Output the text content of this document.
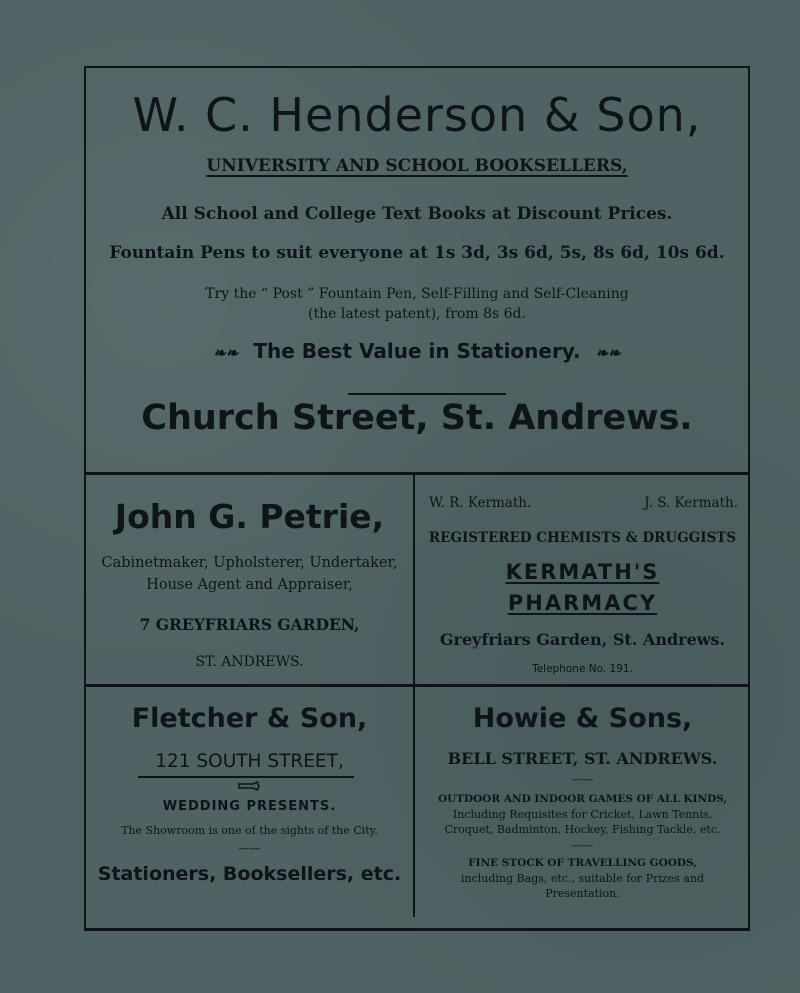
W. C. Henderson & Son,
UNIVERSITY AND SCHOOL BOOKSELLERS,
All School and College Text Books at Discount Prices.
Fountain Pens to suit everyone at 1s 3d, 3s 6d, 5s, 8s 6d, 10s 6d.
Try the “ Post ” Fountain Pen, Self-Filling and Self-Cleaning
(the latest patent), from 8s 6d.
❧❧ The Best Value in Stationery. ❧❧
Church Street, St. Andrews.
John G. Petrie,
Cabinetmaker, Upholsterer, Undertaker,
House Agent and Appraiser,
7 GREYFRIARS GARDEN,
ST. ANDREWS.
W. R. Kermath.	J. S. Kermath.
REGISTERED CHEMISTS & DRUGGISTS
KERMATH'S
PHARMACY
Greyfriars Garden, St. Andrews.
Telephone No. 191.
Fletcher & Son,
121 SOUTH STREET,
WEDDING PRESENTS.
The Showroom is one of the sights of the City.
——
Stationers, Booksellers, etc.
Howie & Sons,
BELL STREET, ST. ANDREWS.
——
OUTDOOR AND INDOOR GAMES OF ALL KINDS,
Including Requisites for Cricket, Lawn Tennis,
Croquet, Badminton, Hockey, Fishing Tackle, etc.
——
FINE STOCK OF TRAVELLING GOODS,
including Bags, etc., suitable for Prizes and
Presentation.
